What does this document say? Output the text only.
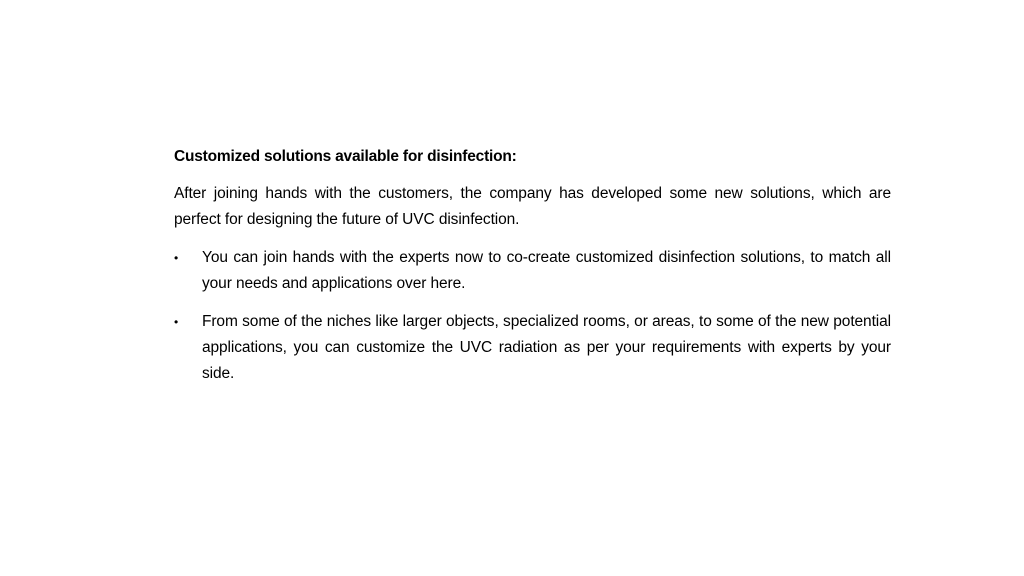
Customized solutions available for disinfection:

After joining hands with the customers, the company has developed some new solutions, which are perfect for designing the future of UVC disinfection.

•	You can join hands with the experts now to co-create customized disinfection solutions, to match all your needs and applications over here.
•	From some of the niches like larger objects, specialized rooms, or areas, to some of the new potential applications, you can customize the UVC radiation as per your requirements with experts by your side.
